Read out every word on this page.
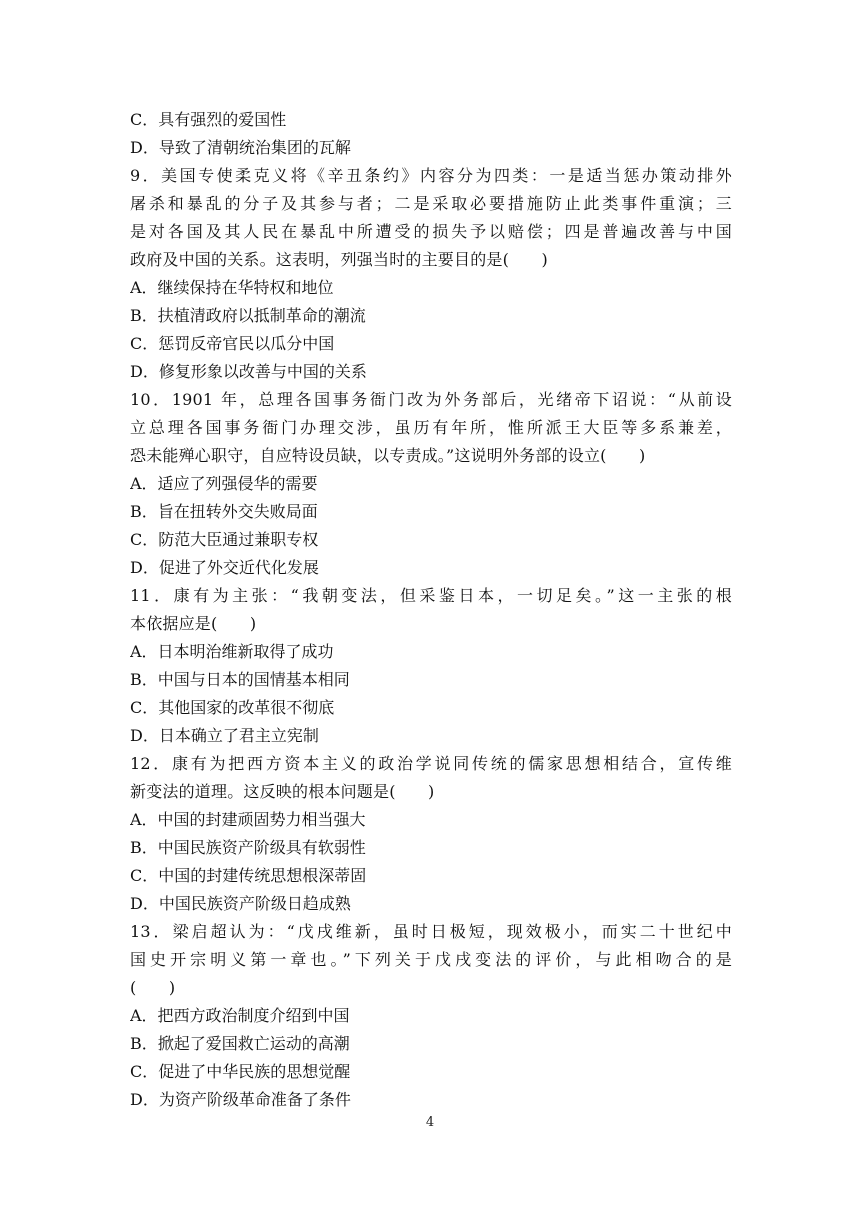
C．具有强烈的爱国性
D．导致了清朝统治集团的瓦解
9．美国专使柔克义将《辛丑条约》内容分为四类：一是适当惩办策动排外
屠杀和暴乱的分子及其参与者；二是采取必要措施防止此类事件重演；三
是对各国及其人民在暴乱中所遭受的损失予以赔偿；四是普遍改善与中国
政府及中国的关系。这表明，列强当时的主要目的是(　　)
A．继续保持在华特权和地位
B．扶植清政府以抵制革命的潮流
C．惩罚反帝官民以瓜分中国
D．修复形象以改善与中国的关系
10．1901 年，总理各国事务衙门改为外务部后，光绪帝下诏说：“从前设
立总理各国事务衙门办理交涉，虽历有年所，惟所派王大臣等多系兼差，
恐未能殚心职守，自应特设员缺，以专责成。”这说明外务部的设立(　　)
A．适应了列强侵华的需要
B．旨在扭转外交失败局面
C．防范大臣通过兼职专权
D．促进了外交近代化发展
11．康有为主张：“我朝变法，但采鉴日本，一切足矣。”这一主张的根
本依据应是(　　)
A．日本明治维新取得了成功
B．中国与日本的国情基本相同
C．其他国家的改革很不彻底
D．日本确立了君主立宪制
12．康有为把西方资本主义的政治学说同传统的儒家思想相结合，宣传维
新变法的道理。这反映的根本问题是(　　)
A．中国的封建顽固势力相当强大
B．中国民族资产阶级具有软弱性
C．中国的封建传统思想根深蒂固
D．中国民族资产阶级日趋成熟
13．梁启超认为：“戊戌维新，虽时日极短，现效极小，而实二十世纪中
国史开宗明义第一章也。”下列关于戊戌变法的评价，与此相吻合的是
(　　)
A．把西方政治制度介绍到中国
B．掀起了爱国救亡运动的高潮
C．促进了中华民族的思想觉醒
D．为资产阶级革命准备了条件
4
